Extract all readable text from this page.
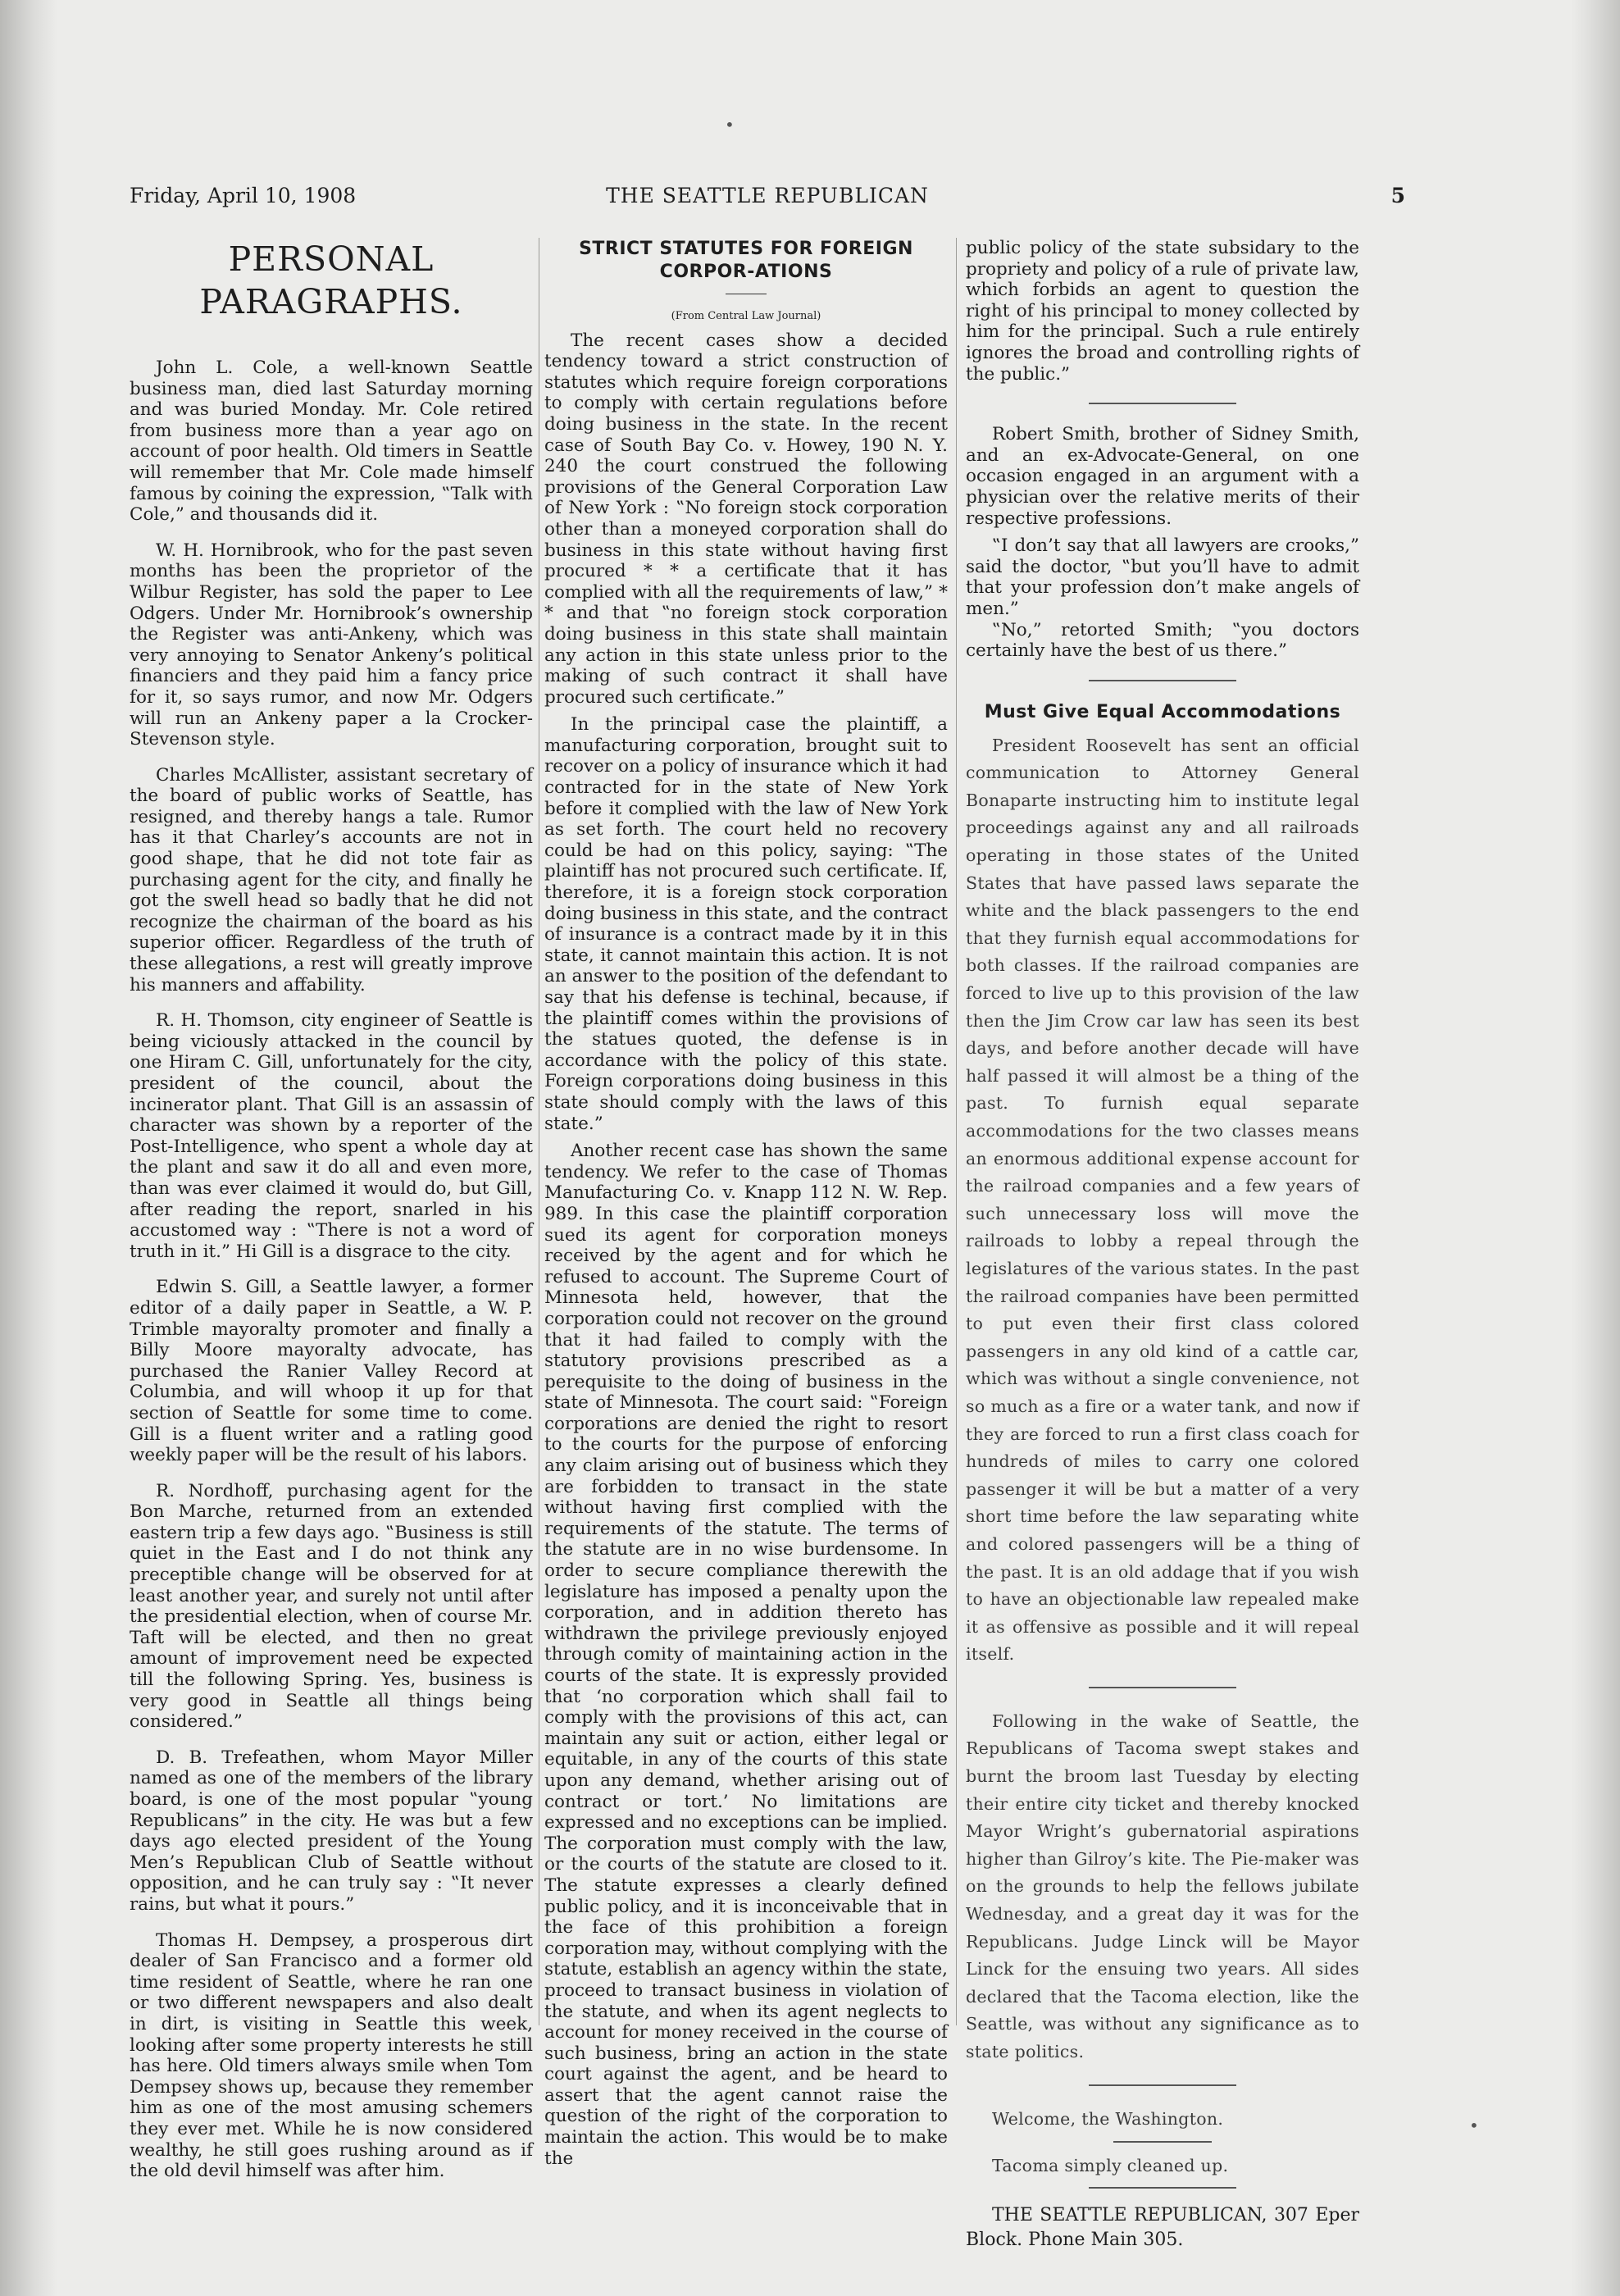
Friday, April 10, 1908	THE SEATTLE REPUBLICAN	5
PERSONAL PARAGRAPHS.

John L. Cole, a well-known Seattle business man, died last Saturday morning and was buried Monday. Mr. Cole retired from business more than a year ago on account of poor health. Old timers in Seattle will remember that Mr. Cole made himself famous by coining the expression, ‟Talk with Cole,” and thousands did it.

W. H. Hornibrook, who for the past seven months has been the proprietor of the Wilbur Register, has sold the paper to Lee Odgers. Under Mr. Hornibrook’s ownership the Register was anti-Ankeny, which was very annoying to Senator Ankeny’s political financiers and they paid him a fancy price for it, so says rumor, and now Mr. Odgers will run an Ankeny paper a la Crocker-Stevenson style.

Charles McAllister, assistant secretary of the board of public works of Seattle, has resigned, and thereby hangs a tale. Rumor has it that Charley’s accounts are not in good shape, that he did not tote fair as purchasing agent for the city, and finally he got the swell head so badly that he did not recognize the chairman of the board as his superior officer. Regardless of the truth of these allegations, a rest will greatly improve his manners and affability.

R. H. Thomson, city engineer of Seattle is being viciously attacked in the council by one Hiram C. Gill, unfortunately for the city, president of the council, about the incinerator plant. That Gill is an assassin of character was shown by a reporter of the Post-Intelligence, who spent a whole day at the plant and saw it do all and even more, than was ever claimed it would do, but Gill, after reading the report, snarled in his accustomed way : ‟There is not a word of truth in it.” Hi Gill is a disgrace to the city.

Edwin S. Gill, a Seattle lawyer, a former editor of a daily paper in Seattle, a W. P. Trimble mayoralty promoter and finally a Billy Moore mayoralty advocate, has purchased the Ranier Valley Record at Columbia, and will whoop it up for that section of Seattle for some time to come. Gill is a fluent writer and a ratling good weekly paper will be the result of his labors.

R. Nordhoff, purchasing agent for the Bon Marche, returned from an extended eastern trip a few days ago. ‟Business is still quiet in the East and I do not think any preceptible change will be observed for at least another year, and surely not until after the presidential election, when of course Mr. Taft will be elected, and then no great amount of improvement need be expected till the following Spring. Yes, business is very good in Seattle all things being considered.”

D. B. Trefeathen, whom Mayor Miller named as one of the members of the library board, is one of the most popular ‟young Republicans” in the city. He was but a few days ago elected president of the Young Men’s Republican Club of Seattle without opposition, and he can truly say : ‟It never rains, but what it pours.”

Thomas H. Dempsey, a prosperous dirt dealer of San Francisco and a former old time resident of Seattle, where he ran one or two different newspapers and also dealt in dirt, is visiting in Seattle this week, looking after some property interests he still has here. Old timers always smile when Tom Dempsey shows up, because they remember him as one of the most amusing schemers they ever met. While he is now considered wealthy, he still goes rushing around as if the old devil himself was after him.

STRICT STATUTES FOR FOREIGN CORPOR-ATIONS
(From Central Law Journal)

The recent cases show a decided tendency toward a strict construction of statutes which require foreign corporations to comply with certain regulations before doing business in the state. In the recent case of South Bay Co. v. Howey, 190 N. Y. 240 the court construed the following provisions of the General Corporation Law of New York : ‟No foreign stock corporation other than a moneyed corporation shall do business in this state without having first procured * * a certificate that it has complied with all the requirements of law,” * * and that ‟no foreign stock corporation doing business in this state shall maintain any action in this state unless prior to the making of such contract it shall have procured such certificate.”

In the principal case the plaintiff, a manufacturing corporation, brought suit to recover on a policy of insurance which it had contracted for in the state of New York before it complied with the law of New York as set forth. The court held no recovery could be had on this policy, saying: ‟The plaintiff has not procured such certificate. If, therefore, it is a foreign stock corporation doing business in this state, and the contract of insurance is a contract made by it in this state, it cannot maintain this action. It is not an answer to the position of the defendant to say that his defense is techinal, because, if the plaintiff comes within the provisions of the statues quoted, the defense is in accordance with the policy of this state. Foreign corporations doing business in this state should comply with the laws of this state.”

Another recent case has shown the same tendency. We refer to the case of Thomas Manufacturing Co. v. Knapp 112 N. W. Rep. 989. In this case the plaintiff corporation sued its agent for corporation moneys received by the agent and for which he refused to account. The Supreme Court of Minnesota held, however, that the corporation could not recover on the ground that it had failed to comply with the statutory provisions prescribed as a perequisite to the doing of business in the state of Minnesota. The court said: ‟Foreign corporations are denied the right to resort to the courts for the purpose of enforcing any claim arising out of business which they are forbidden to transact in the state without having first complied with the requirements of the statute. The terms of the statute are in no wise burdensome. In order to secure compliance therewith the legislature has imposed a penalty upon the corporation, and in addition thereto has withdrawn the privilege previously enjoyed through comity of maintaining action in the courts of the state. It is expressly provided that ‘no corporation which shall fail to comply with the provisions of this act, can maintain any suit or action, either legal or equitable, in any of the courts of this state upon any demand, whether arising out of contract or tort.’ No limitations are expressed and no exceptions can be implied. The corporation must comply with the law, or the courts of the statute are closed to it. The statute expresses a clearly defined public policy, and it is inconceivable that in the face of this prohibition a foreign corporation may, without complying with the statute, establish an agency within the state, proceed to transact business in violation of the statute, and when its agent neglects to account for money received in the course of such business, bring an action in the state court against the agent, and be heard to assert that the agent cannot raise the question of the right of the corporation to maintain the action. This would be to make the

public policy of the state subsidary to the propriety and policy of a rule of private law, which forbids an agent to question the right of his principal to money collected by him for the principal. Such a rule entirely ignores the broad and controlling rights of the public.”

Robert Smith, brother of Sidney Smith, and an ex-Advocate-General, on one occasion engaged in an argument with a physician over the relative merits of their respective professions.

‟I don’t say that all lawyers are crooks,” said the doctor, ‟but you’ll have to admit that your profession don’t make angels of men.”

‟No,” retorted Smith; ‟you doctors certainly have the best of us there.”

Must Give Equal Accommodations

President Roosevelt has sent an official communication to Attorney General Bonaparte instructing him to institute legal proceedings against any and all railroads operating in those states of the United States that have passed laws separate the white and the black passengers to the end that they furnish equal accommodations for both classes. If the railroad companies are forced to live up to this provision of the law then the Jim Crow car law has seen its best days, and before another decade will have half passed it will almost be a thing of the past. To furnish equal separate accommodations for the two classes means an enormous additional expense account for the railroad companies and a few years of such unnecessary loss will move the railroads to lobby a repeal through the legislatures of the various states. In the past the railroad companies have been permitted to put even their first class colored passengers in any old kind of a cattle car, which was without a single convenience, not so much as a fire or a water tank, and now if they are forced to run a first class coach for hundreds of miles to carry one colored passenger it will be but a matter of a very short time before the law separating white and colored passengers will be a thing of the past. It is an old addage that if you wish to have an objectionable law repealed make it as offensive as possible and it will repeal itself.

Following in the wake of Seattle, the Republicans of Tacoma swept stakes and burnt the broom last Tuesday by electing their entire city ticket and thereby knocked Mayor Wright’s gubernatorial aspirations higher than Gilroy’s kite. The Pie-maker was on the grounds to help the fellows jubilate Wednesday, and a great day it was for the Republicans. Judge Linck will be Mayor Linck for the ensuing two years. All sides declared that the Tacoma election, like the Seattle, was without any significance as to state politics.

Welcome, the Washington.

Tacoma simply cleaned up.

THE SEATTLE REPUBLICAN, 307 Eper Block. Phone Main 305.
•
•
